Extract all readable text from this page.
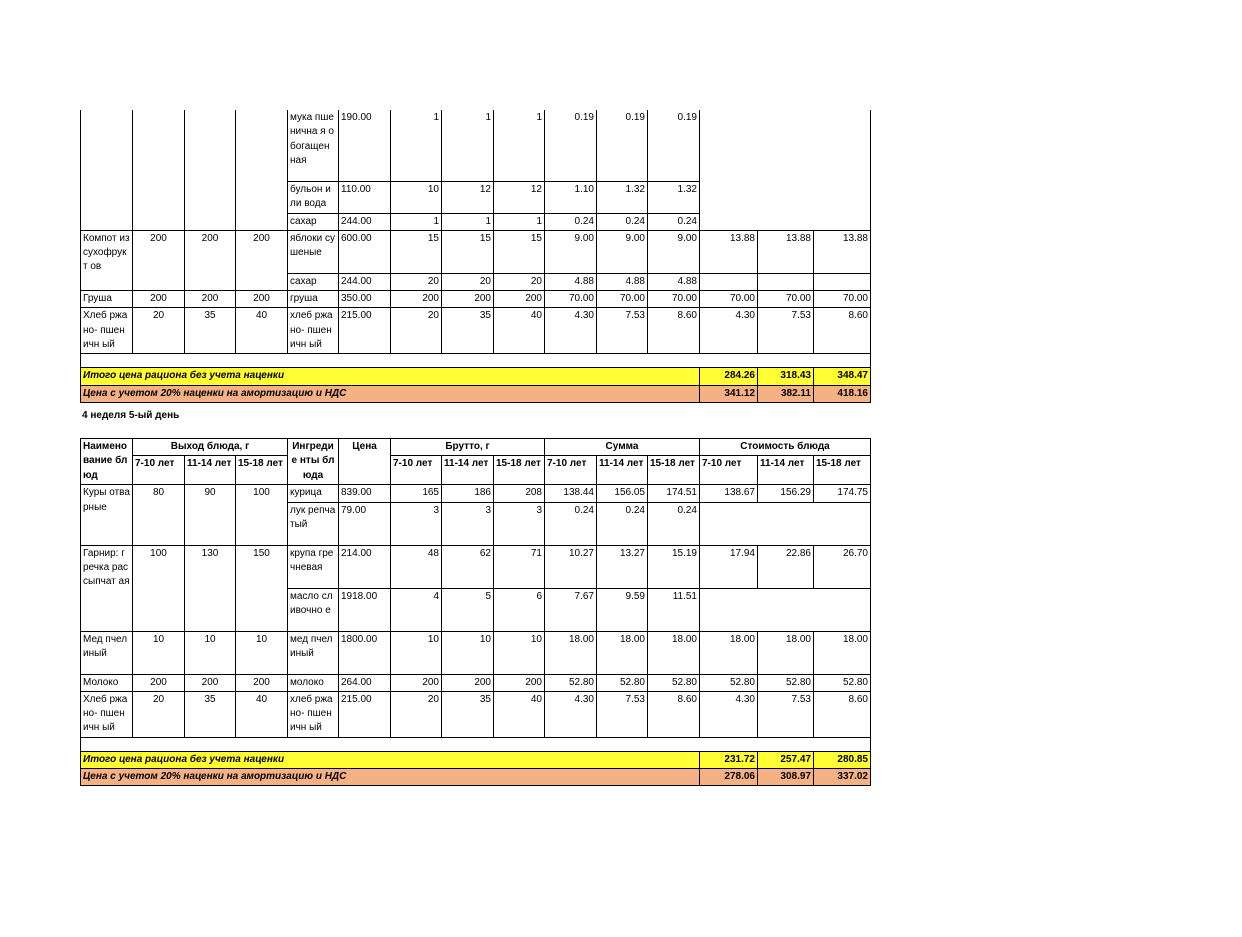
				мука пшенична я обогащен ная	190.00	1	1	1	0.19	0.19	0.19			
				бульон или вода	110.00	10	12	12	1.10	1.32	1.32			
				сахар	244.00	1	1	1	0.24	0.24	0.24			
Компот из сухофрукт ов	200	200	200	яблоки сушеные	600.00	15	15	15	9.00	9.00	9.00	13.88	13.88	13.88
				сахар	244.00	20	20	20	4.88	4.88	4.88			
Груша	200	200	200	груша	350.00	200	200	200	70.00	70.00	70.00	70.00	70.00	70.00
Хлеб ржано- пшеничн ый	20	35	40	хлеб ржано- пшеничн ый	215.00	20	35	40	4.30	7.53	8.60	4.30	7.53	8.60

Итого цена рациона без учета наценки												284.26	318.43	348.47
Цена с учетом 20% наценки на амортизацию и НДС												341.12	382.11	418.16
4 неделя 5-ый день
Наимено вание блюд	Выход блюда, г			Ингредие нты блюда	Цена	Брутто, г			Сумма			Стоимость блюда		
	7-10 лет	11-14 лет	15-18 лет			7-10 лет	11-14 лет	15-18 лет	7-10 лет	11-14 лет	15-18 лет	7-10 лет	11-14 лет	15-18 лет
Куры отварные	80	90	100	курица	839.00	165	186	208	138.44	156.05	174.51	138.67	156.29	174.75
				лук репчатый	79.00	3	3	3	0.24	0.24	0.24			
Гарнир: гречка рассыпчат ая	100	130	150	крупа гречневая	214.00	48	62	71	10.27	13.27	15.19	17.94	22.86	26.70
				масло сливочно е	1918.00	4	5	6	7.67	9.59	11.51			
Мед пчелиный	10	10	10	мед пчелиный	1800.00	10	10	10	18.00	18.00	18.00	18.00	18.00	18.00
Молоко	200	200	200	молоко	264.00	200	200	200	52.80	52.80	52.80	52.80	52.80	52.80
Хлеб ржано- пшеничн ый	20	35	40	хлеб ржано- пшеничн ый	215.00	20	35	40	4.30	7.53	8.60	4.30	7.53	8.60

Итого цена рациона без учета наценки												231.72	257.47	280.85
Цена с учетом 20% наценки на амортизацию и НДС												278.06	308.97	337.02
